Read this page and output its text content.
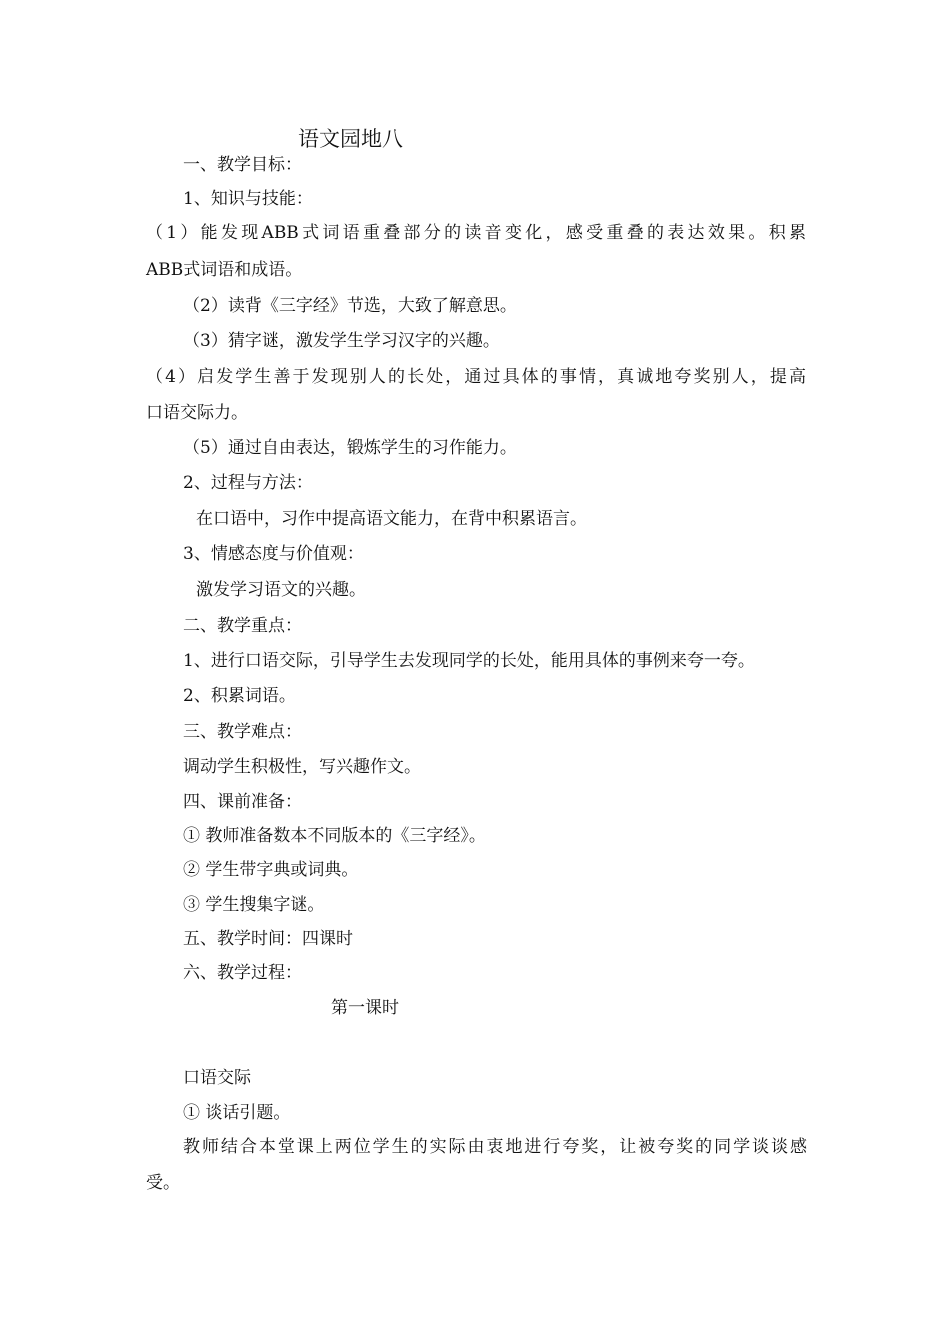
语文园地八
一、教学目标：
1、知识与技能：
（1）能发现ABB式词语重叠部分的读音变化，感受重叠的表达效果。积累
ABB式词语和成语。
（2）读背《三字经》节选，大致了解意思。
（3）猜字谜，激发学生学习汉字的兴趣。
（4）启发学生善于发现别人的长处，通过具体的事情，真诚地夸奖别人，提高
口语交际力。
（5）通过自由表达，锻炼学生的习作能力。
2、过程与方法：
在口语中，习作中提高语文能力，在背中积累语言。
3、情感态度与价值观：
激发学习语文的兴趣。
二、教学重点：
1、进行口语交际，引导学生去发现同学的长处，能用具体的事例来夸一夸。
2、积累词语。
三、教学难点：
调动学生积极性，写兴趣作文。
四、课前准备：
① 教师准备数本不同版本的《三字经》。
② 学生带字典或词典。
③ 学生搜集字谜。
五、教学时间：四课时
六、教学过程：
第一课时
口语交际
① 谈话引题。
教师结合本堂课上两位学生的实际由衷地进行夸奖，让被夸奖的同学谈谈感
受。
